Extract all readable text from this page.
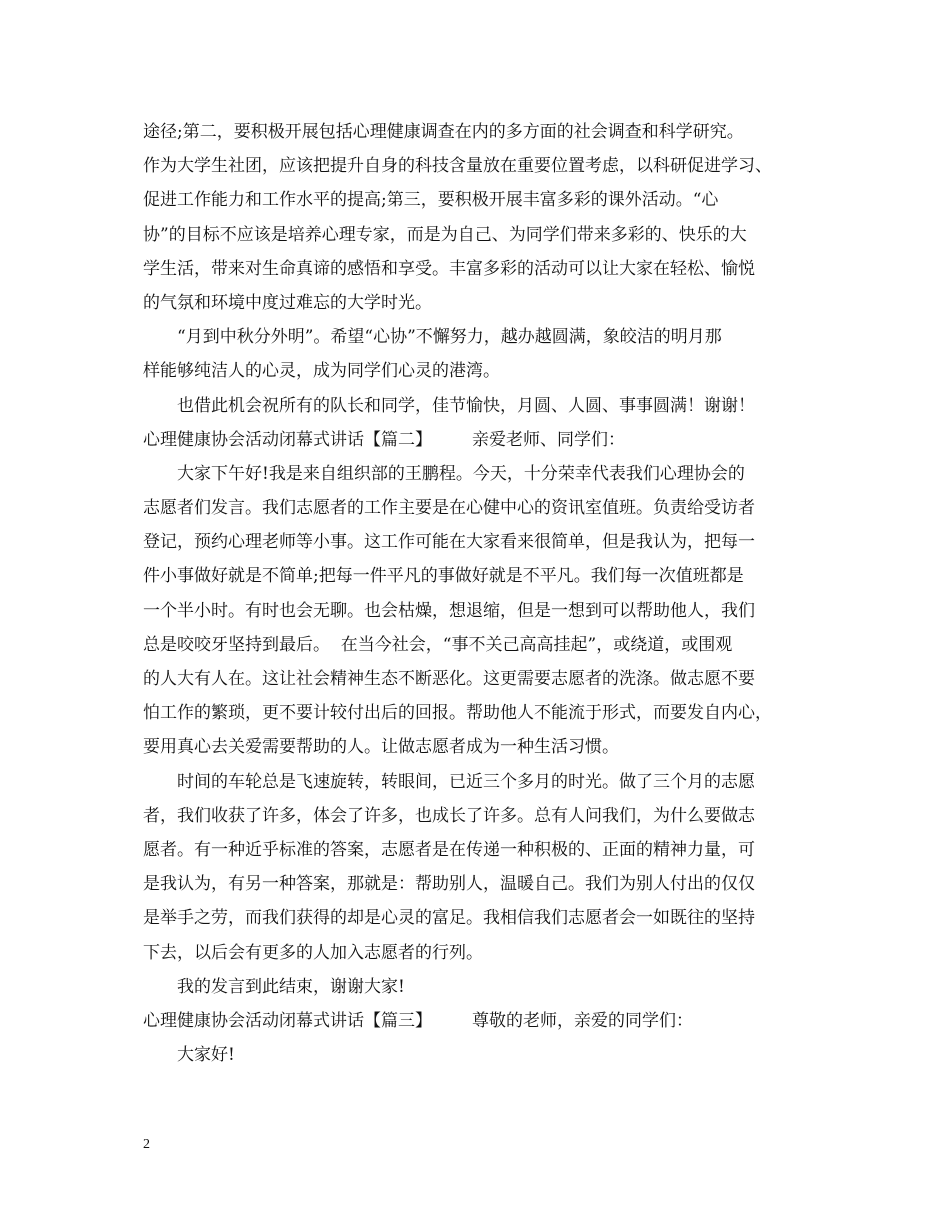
途径;第二，要积极开展包括心理健康调查在内的多方面的社会调查和科学研究。
作为大学生社团，应该把提升自身的科技含量放在重要位置考虑，以科研促进学习、
促进工作能力和工作水平的提高;第三，要积极开展丰富多彩的课外活动。“心
协”的目标不应该是培养心理专家，而是为自己、为同学们带来多彩的、快乐的大
学生活，带来对生命真谛的感悟和享受。丰富多彩的活动可以让大家在轻松、愉悦
的气氛和环境中度过难忘的大学时光。
“月到中秋分外明”。希望“心协”不懈努力，越办越圆满，象皎洁的明月那
样能够纯洁人的心灵，成为同学们心灵的港湾。
也借此机会祝所有的队长和同学，佳节愉快，月圆、人圆、事事圆满！谢谢！
心理健康协会活动闭幕式讲话【篇二】 亲爱老师、同学们：
大家下午好!我是来自组织部的王鹏程。今天，十分荣幸代表我们心理协会的
志愿者们发言。我们志愿者的工作主要是在心健中心的资讯室值班。负责给受访者
登记，预约心理老师等小事。这工作可能在大家看来很简单，但是我认为，把每一
件小事做好就是不简单;把每一件平凡的事做好就是不平凡。我们每一次值班都是
一个半小时。有时也会无聊。也会枯燥，想退缩，但是一想到可以帮助他人，我们
总是咬咬牙坚持到最后。  在当今社会，“事不关己高高挂起”，或绕道，或围观
的人大有人在。这让社会精神生态不断恶化。这更需要志愿者的洗涤。做志愿不要
怕工作的繁琐，更不要计较付出后的回报。帮助他人不能流于形式，而要发自内心，
要用真心去关爱需要帮助的人。让做志愿者成为一种生活习惯。
时间的车轮总是飞速旋转，转眼间，已近三个多月的时光。做了三个月的志愿
者，我们收获了许多，体会了许多，也成长了许多。总有人问我们，为什么要做志
愿者。有一种近乎标准的答案，志愿者是在传递一种积极的、正面的精神力量，可
是我认为，有另一种答案，那就是：帮助别人，温暖自己。我们为别人付出的仅仅
是举手之劳，而我们获得的却是心灵的富足。我相信我们志愿者会一如既往的坚持
下去，以后会有更多的人加入志愿者的行列。
我的发言到此结束，谢谢大家!
心理健康协会活动闭幕式讲话【篇三】 尊敬的老师，亲爱的同学们：
大家好!
2
